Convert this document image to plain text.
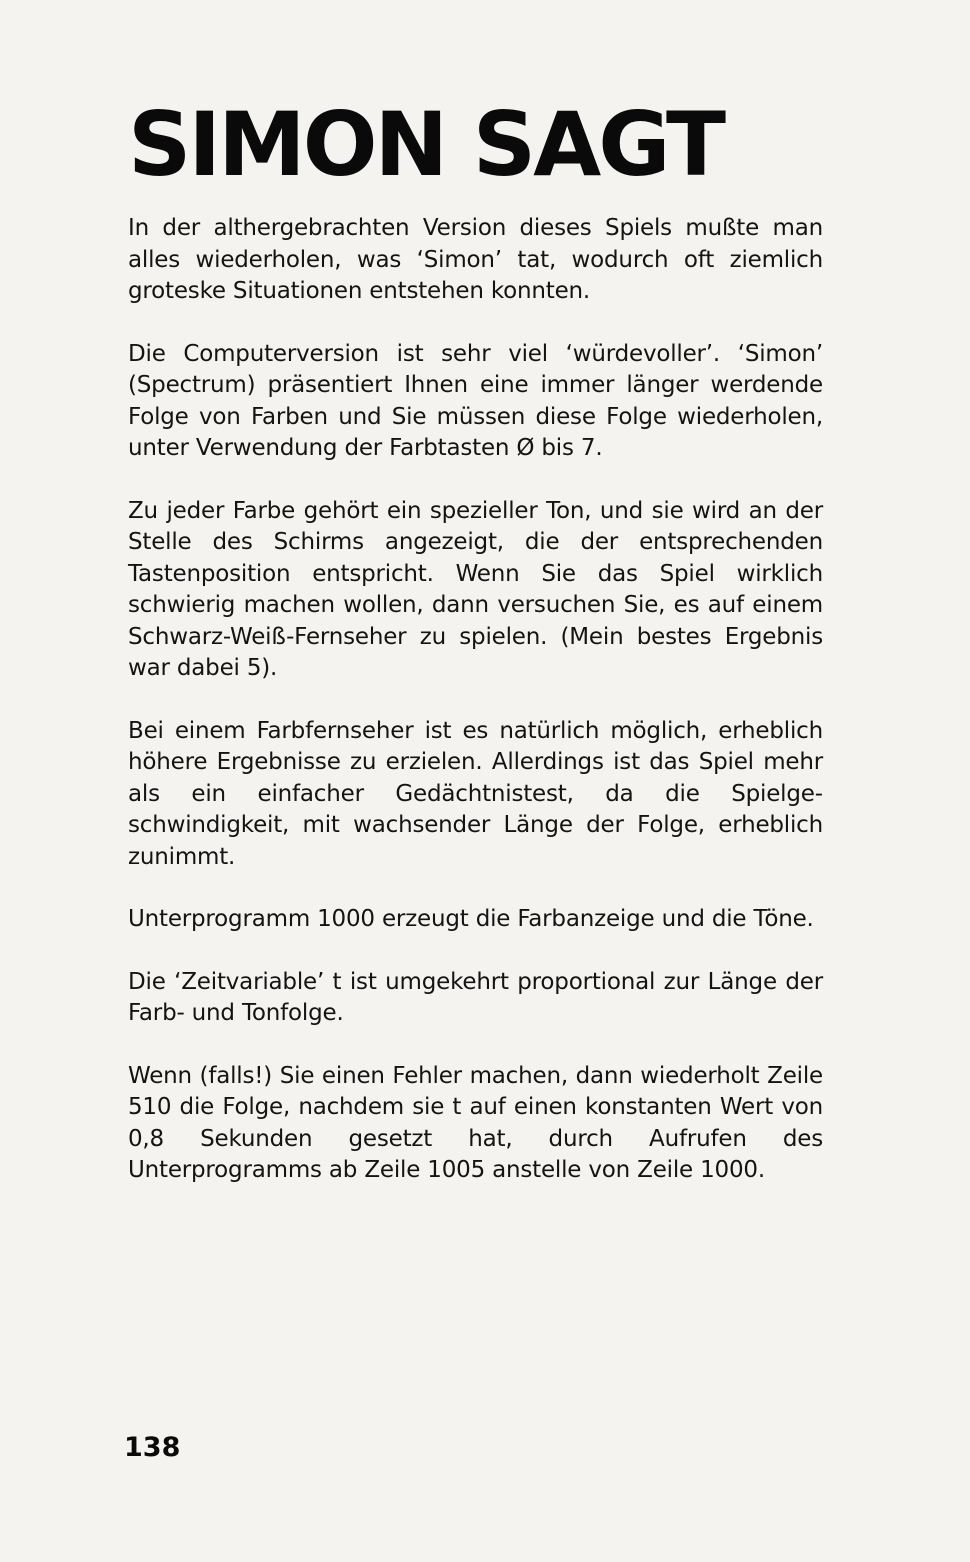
SIMON SAGT

In der althergebrachten Version dieses Spiels mußte man alles wiederholen, was ‘Simon’ tat, wodurch oft ziemlich groteske Situationen entstehen konnten.

Die Computerversion ist sehr viel ‘würdevoller’. ‘Simon’ (Spectrum) präsentiert Ihnen eine immer länger werdende Folge von Farben und Sie müssen diese Folge wiederholen, unter Verwendung der Farbtasten Ø bis 7.

Zu jeder Farbe gehört ein spezieller Ton, und sie wird an der Stelle des Schirms angezeigt, die der entsprechenden Tastenposition entspricht. Wenn Sie das Spiel wirklich schwierig machen wollen, dann versuchen Sie, es auf einem Schwarz-Weiß-Fernseher zu spielen. (Mein bestes Ergebnis war dabei 5).

Bei einem Farbfernseher ist es natürlich möglich, erheblich höhere Ergebnisse zu erzielen. Allerdings ist das Spiel mehr als ein einfacher Gedächtnistest, da die Spielgeschwindigkeit, mit wachsender Länge der Folge, erheblich zunimmt.

Unterprogramm 1000 erzeugt die Farbanzeige und die Töne.

Die ‘Zeitvariable’ t ist umgekehrt proportional zur Länge der Farb- und Tonfolge.

Wenn (falls!) Sie einen Fehler machen, dann wiederholt Zeile 510 die Folge, nachdem sie t auf einen konstanten Wert von 0,8 Sekunden gesetzt hat, durch Aufrufen des Unterprogramms ab Zeile 1005 anstelle von Zeile 1000.

138
